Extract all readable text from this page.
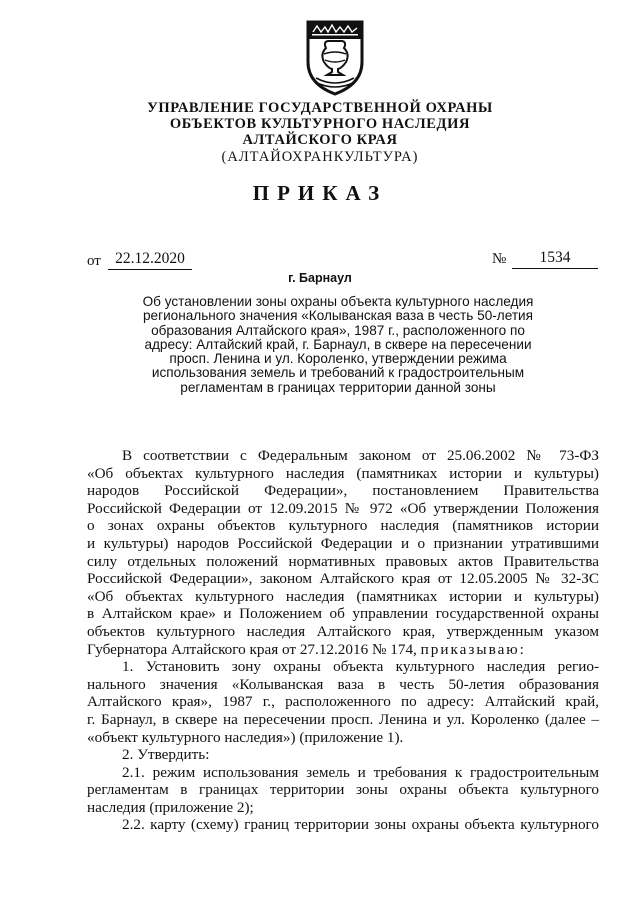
УПРАВЛЕНИЕ ГОСУДАРСТВЕННОЙ ОХРАНЫ
ОБЪЕКТОВ КУЛЬТУРНОГО НАСЛЕДИЯ
АЛТАЙСКОГО КРАЯ
(АЛТАЙОХРАНКУЛЬТУРА)
ПРИКАЗ
от 22.12.2020	№	1534
г. Барнаул
Об установлении зоны охраны объекта культурного наследия
регионального значения «Колыванская ваза в честь 50-летия
образования Алтайского края», 1987 г., расположенного по
адресу: Алтайский край, г. Барнаул, в сквере на пересечении
просп. Ленина и ул. Короленко, утверждении режима
использования земель и требований к градостроительным
регламентам в границах территории данной зоны

В соответствии с Федеральным законом от 25.06.2002 № 73-ФЗ

«Об объектах культурного наследия (памятниках истории и культуры)

народов Российской Федерации», постановлением Правительства

Российской Федерации от 12.09.2015 № 972 «Об утверждении Положения

о зонах охраны объектов культурного наследия (памятников истории

и культуры) народов Российской Федерации и о признании утратившими

силу отдельных положений нормативных правовых актов Правительства

Российской Федерации», законом Алтайского края от 12.05.2005 № 32-ЗС

«Об объектах культурного наследия (памятниках истории и культуры)

в Алтайском крае» и Положением об управлении государственной охраны

объектов культурного наследия Алтайского края, утвержденным указом

Губернатора Алтайского края от 27.12.2016 № 174, приказываю:

1. Установить зону охраны объекта культурного наследия регио-

нального значения «Колыванская ваза в честь 50-летия образования

Алтайского края», 1987 г., расположенного по адресу: Алтайский край,

г. Барнаул, в сквере на пересечении просп. Ленина и ул. Короленко (далее –

«объект культурного наследия») (приложение 1).

2. Утвердить:

2.1. режим использования земель и требования к градостроительным

регламентам в границах территории зоны охраны объекта культурного

наследия (приложение 2);

2.2. карту (схему) границ территории зоны охраны объекта культурного
